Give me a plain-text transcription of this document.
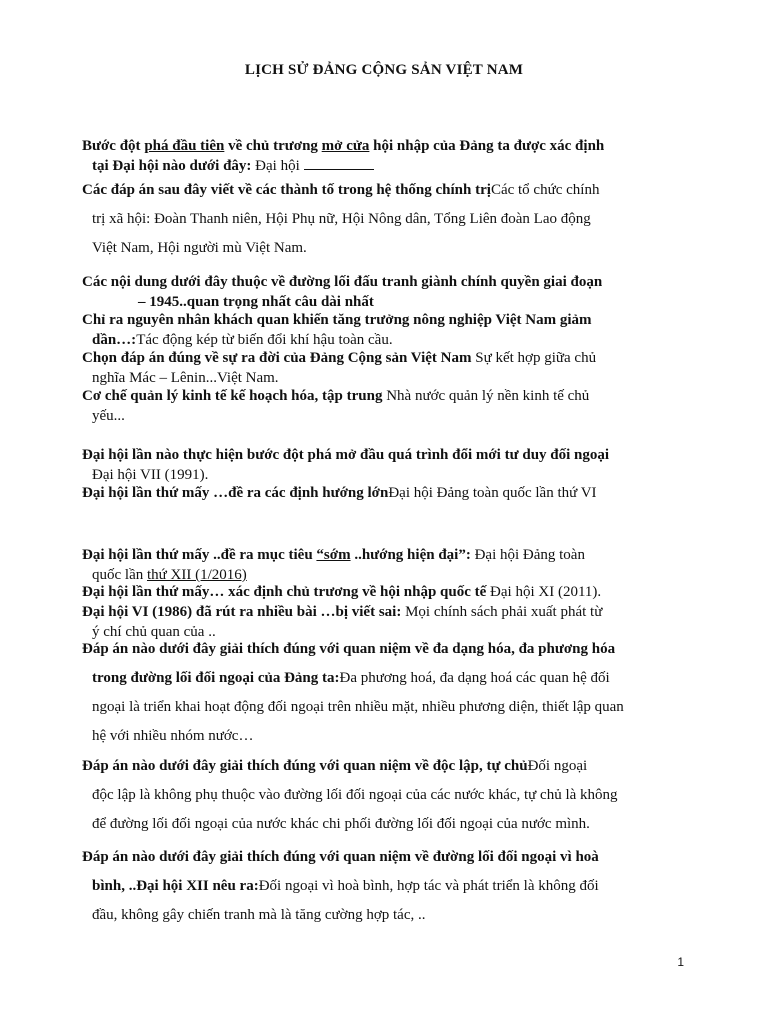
LỊCH SỬ ĐẢNG CỘNG SẢN VIỆT NAM
Bước đột phá đầu tiên về chủ trương mở cửa hội nhập của Đảng ta được xác định
tại Đại hội nào dưới đây: Đại hội
Các đáp án sau đây viết về các thành tố trong hệ thống chính trịCác tổ chức chính
trị xã hội: Đoàn Thanh niên, Hội Phụ nữ, Hội Nông dân, Tổng Liên đoàn Lao động
Việt Nam, Hội người mù Việt Nam.
Các nội dung dưới đây thuộc về đường lối đấu tranh giành chính quyền giai đoạn
– 1945..quan trọng nhất câu dài nhất
Chỉ ra nguyên nhân khách quan khiến tăng trưởng nông nghiệp Việt Nam giảm
dần…:Tác động kép từ biến đổi khí hậu toàn cầu.
Chọn đáp án đúng về sự ra đời của Đảng Cộng sản Việt Nam Sự kết hợp giữa chủ
nghĩa Mác – Lênin...Việt Nam.
Cơ chế quản lý kinh tế kế hoạch hóa, tập trung Nhà nước quản lý nền kinh tế chủ
yếu...
Đại hội lần nào thực hiện bước đột phá mở đầu quá trình đổi mới tư duy đối ngoại
Đại hội VII (1991).
Đại hội lần thứ mấy …đề ra các định hướng lớnĐại hội Đảng toàn quốc lần thứ VI
Đại hội lần thứ mấy ..đề ra mục tiêu “sớm ..hướng hiện đại”: Đại hội Đảng toàn
quốc lần thứ XII (1/2016)
Đại hội lần thứ mấy… xác định chủ trương về hội nhập quốc tế Đại hội XI (2011).
Đại hội VI (1986) đã rút ra nhiều bài …bị viết sai: Mọi chính sách phải xuất phát từ
ý chí chủ quan của ..
Đáp án nào dưới đây giải thích đúng với quan niệm về đa dạng hóa, đa phương hóa
trong đường lối đối ngoại của Đảng ta:Đa phương hoá, đa dạng hoá các quan hệ đối
ngoại là triển khai hoạt động đối ngoại trên nhiều mặt, nhiều phương diện, thiết lập quan
hệ với nhiều nhóm nước…
Đáp án nào dưới đây giải thích đúng với quan niệm về độc lập, tự chủĐối ngoại
độc lập là không phụ thuộc vào đường lối đối ngoại của các nước khác, tự chủ là không
để đường lối đối ngoại của nước khác chi phối đường lối đối ngoại của nước mình.
Đáp án nào dưới đây giải thích đúng với quan niệm về đường lối đối ngoại vì hoà
bình, ..Đại hội XII nêu ra:Đối ngoại vì hoà bình, hợp tác và phát triển là không đối
đầu, không gây chiến tranh mà là tăng cường hợp tác, ..
1
